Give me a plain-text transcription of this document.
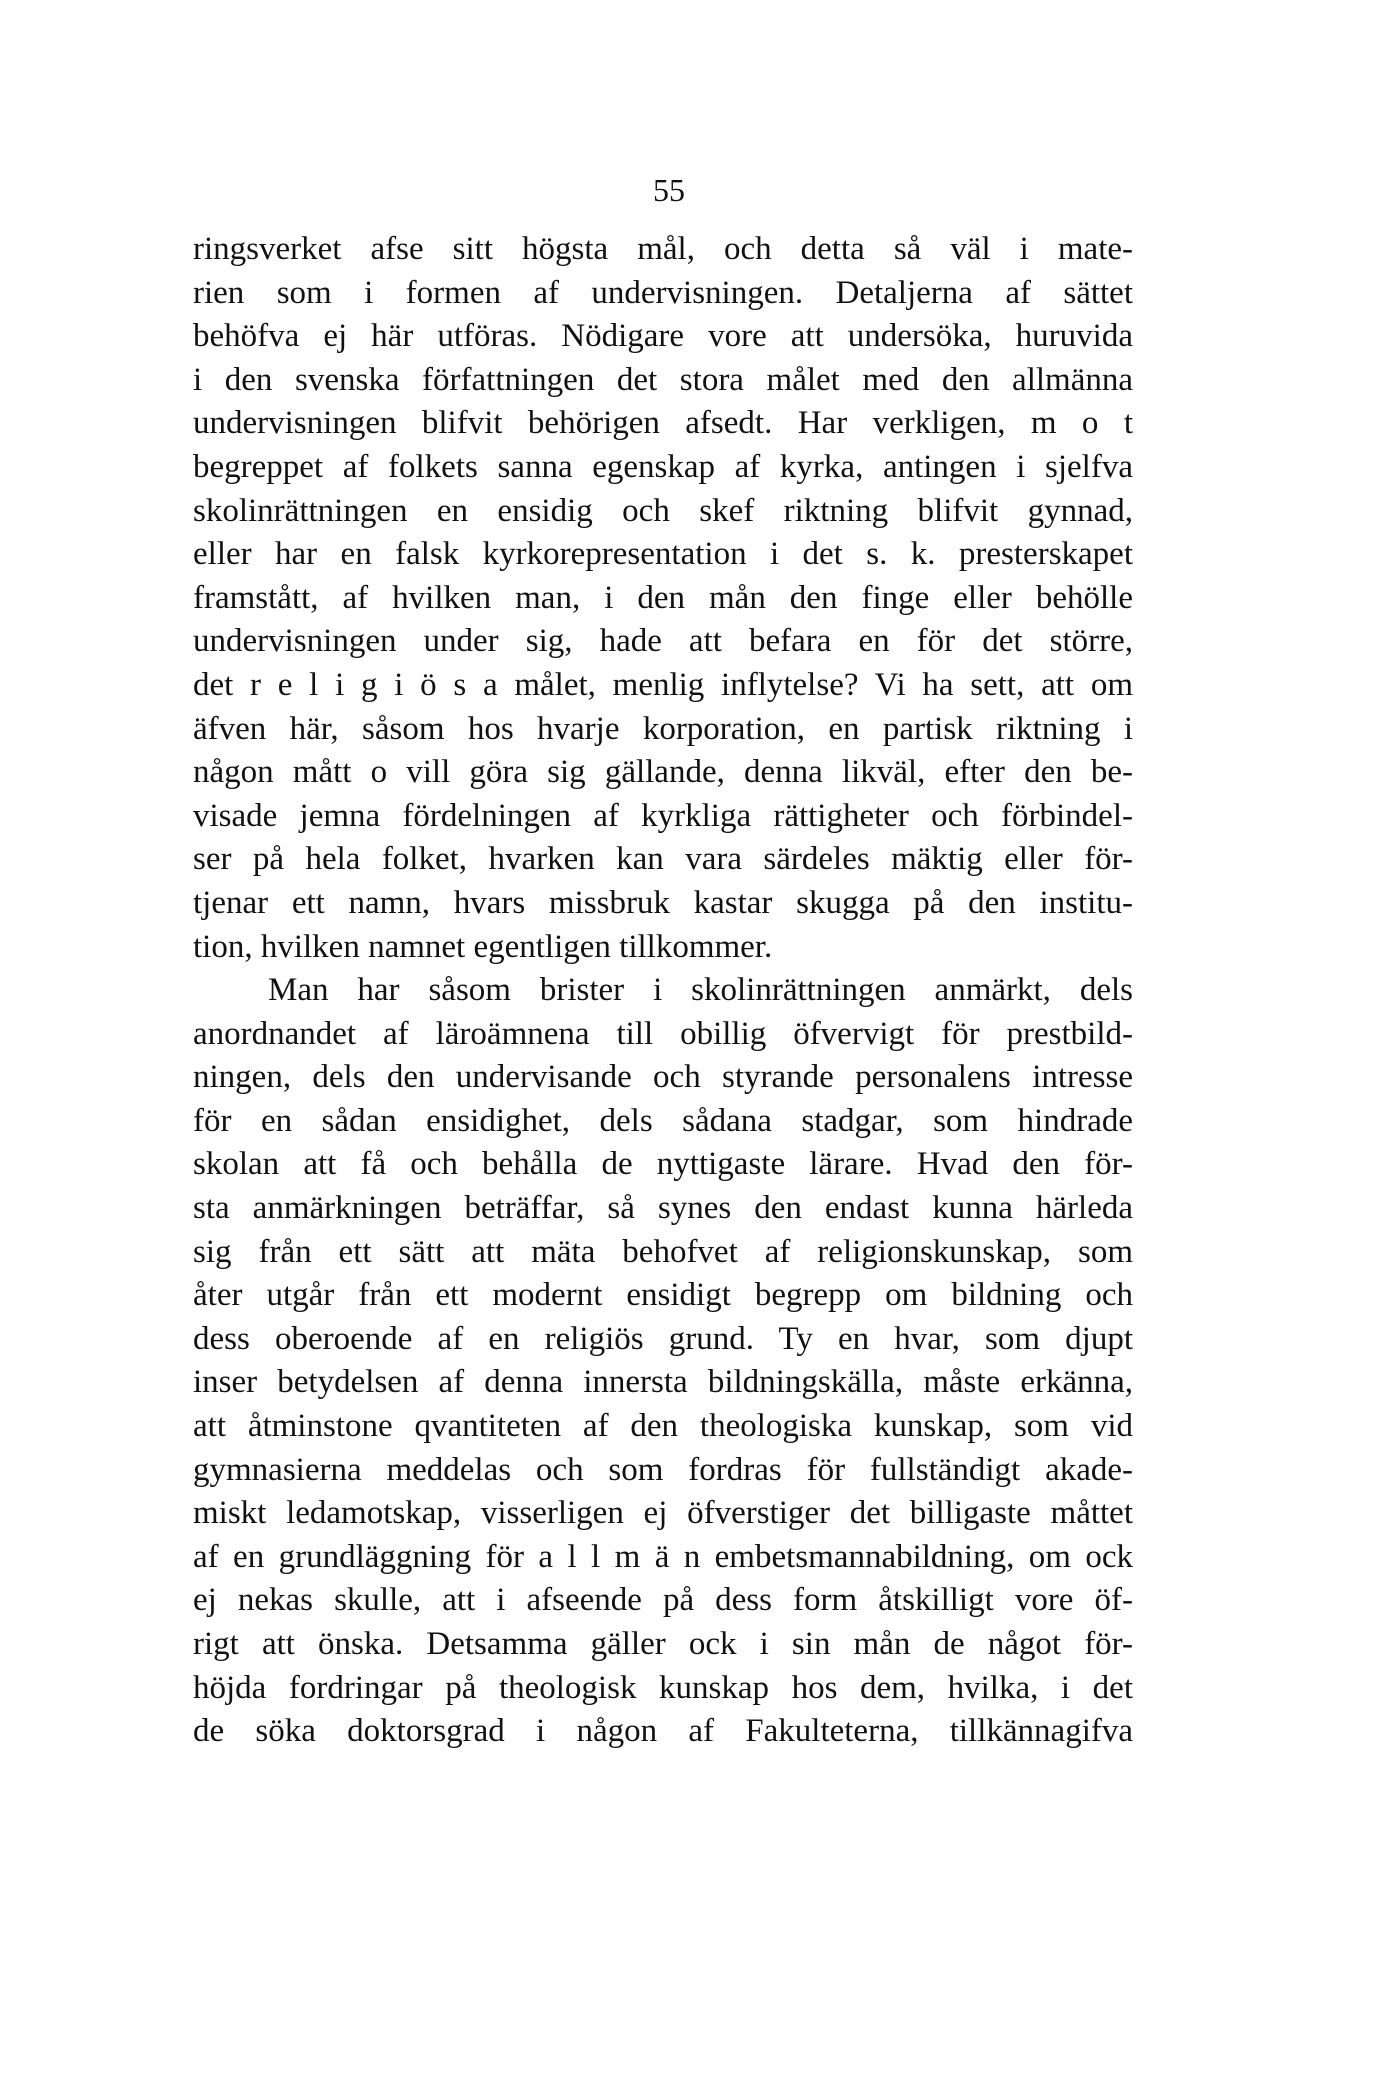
55
ringsverket afse sitt högsta mål, och detta så väl i mate-
rien som i formen af undervisningen. Detaljerna af sättet
behöfva ej här utföras. Nödigare vore att undersöka, huruvida
i den svenska författningen det stora målet med den allmänna
undervisningen blifvit behörigen afsedt. Har verkligen, m o t
begreppet af folkets sanna egenskap af kyrka, antingen i sjelfva
skolinrättningen en ensidig och skef riktning blifvit gynnad,
eller har en falsk kyrkorepresentation i det s. k. presterskapet
framstått, af hvilken man, i den mån den finge eller behölle
undervisningen under sig, hade att befara en för det större,
det r e l i g i ö s a målet, menlig inflytelse? Vi ha sett, att om
äfven här, såsom hos hvarje korporation, en partisk riktning i
någon mått o vill göra sig gällande, denna likväl, efter den be-
visade jemna fördelningen af kyrkliga rättigheter och förbindel-
ser på hela folket, hvarken kan vara särdeles mäktig eller för-
tjenar ett namn, hvars missbruk kastar skugga på den institu-
tion, hvilken namnet egentligen tillkommer.
Man har såsom brister i skolinrättningen anmärkt, dels
anordnandet af läroämnena till obillig öfvervigt för prestbild-
ningen, dels den undervisande och styrande personalens intresse
för en sådan ensidighet, dels sådana stadgar, som hindrade
skolan att få och behålla de nyttigaste lärare. Hvad den för-
sta anmärkningen beträffar, så synes den endast kunna härleda
sig från ett sätt att mäta behofvet af religionskunskap, som
åter utgår från ett modernt ensidigt begrepp om bildning och
dess oberoende af en religiös grund. Ty en hvar, som djupt
inser betydelsen af denna innersta bildningskälla, måste erkänna,
att åtminstone qvantiteten af den theologiska kunskap, som vid
gymnasierna meddelas och som fordras för fullständigt akade-
miskt ledamotskap, visserligen ej öfverstiger det billigaste måttet
af en grundläggning för a l l m ä n embetsmannabildning, om ock
ej nekas skulle, att i afseende på dess form åtskilligt vore öf-
rigt att önska. Detsamma gäller ock i sin mån de något för-
höjda fordringar på theologisk kunskap hos dem, hvilka, i det
de söka doktorsgrad i någon af Fakulteterna, tillkännagifva
